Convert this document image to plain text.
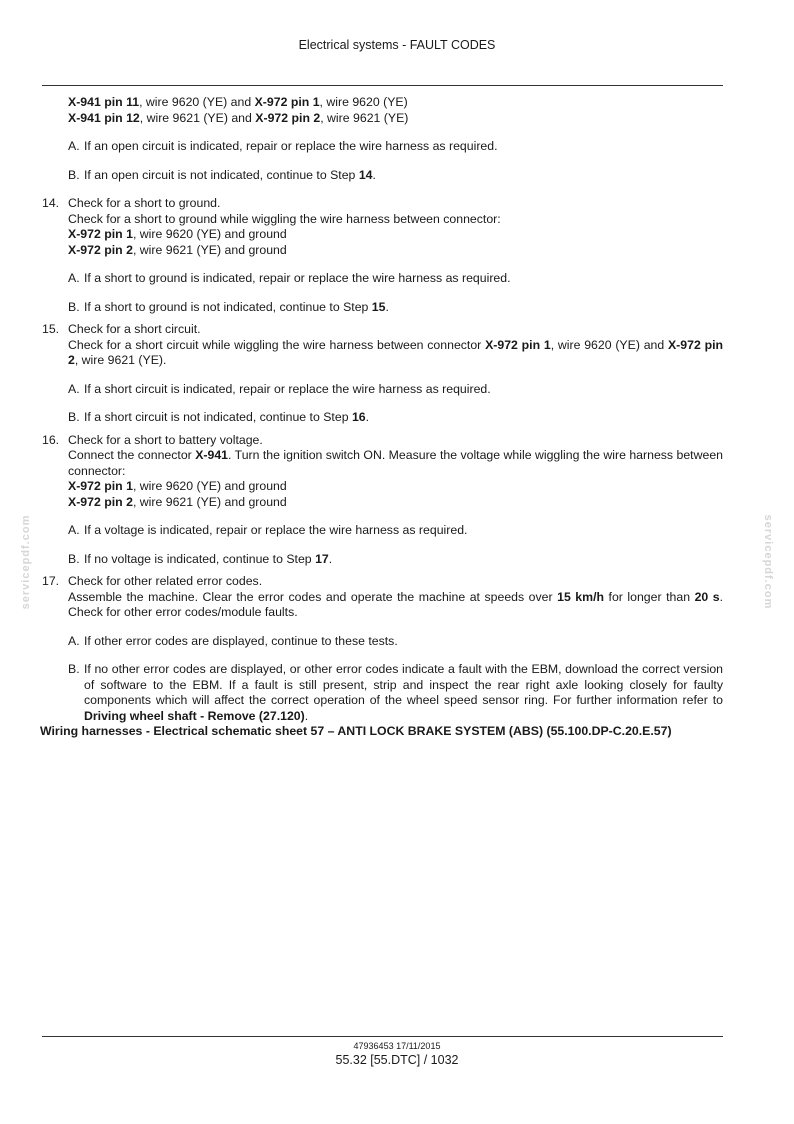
Electrical systems - FAULT CODES
servicepdf.com	servicepdf.com
X-941 pin 11, wire 9620 (YE) and X-972 pin 1, wire 9620 (YE)
X-941 pin 12, wire 9621 (YE) and X-972 pin 2, wire 9621 (YE)
A. If an open circuit is indicated, repair or replace the wire harness as required.
B. If an open circuit is not indicated, continue to Step 14.
14. Check for a short to ground.
Check for a short to ground while wiggling the wire harness between connector:
X-972 pin 1, wire 9620 (YE) and ground
X-972 pin 2, wire 9621 (YE) and ground
A. If a short to ground is indicated, repair or replace the wire harness as required.
B. If a short to ground is not indicated, continue to Step 15.
15. Check for a short circuit.
Check for a short circuit while wiggling the wire harness between connector X-972 pin 1, wire 9620 (YE) and X-972 pin 2, wire 9621 (YE).
A. If a short circuit is indicated, repair or replace the wire harness as required.
B. If a short circuit is not indicated, continue to Step 16.
16. Check for a short to battery voltage.
Connect the connector X-941. Turn the ignition switch ON. Measure the voltage while wiggling the wire harness between connector:
X-972 pin 1, wire 9620 (YE) and ground
X-972 pin 2, wire 9621 (YE) and ground
A. If a voltage is indicated, repair or replace the wire harness as required.
B. If no voltage is indicated, continue to Step 17.
17. Check for other related error codes.
Assemble the machine. Clear the error codes and operate the machine at speeds over 15 km/h for longer than 20 s. Check for other error codes/module faults.
A. If other error codes are displayed, continue to these tests.
B. If no other error codes are displayed, or other error codes indicate a fault with the EBM, download the correct version of software to the EBM. If a fault is still present, strip and inspect the rear right axle looking closely for faulty components which will affect the correct operation of the wheel speed sensor ring. For further information refer to Driving wheel shaft - Remove (27.120).
Wiring harnesses - Electrical schematic sheet 57 – ANTI LOCK BRAKE SYSTEM (ABS) (55.100.DP-C.20.E.57)
47936453 17/11/2015
55.32 [55.DTC] / 1032
